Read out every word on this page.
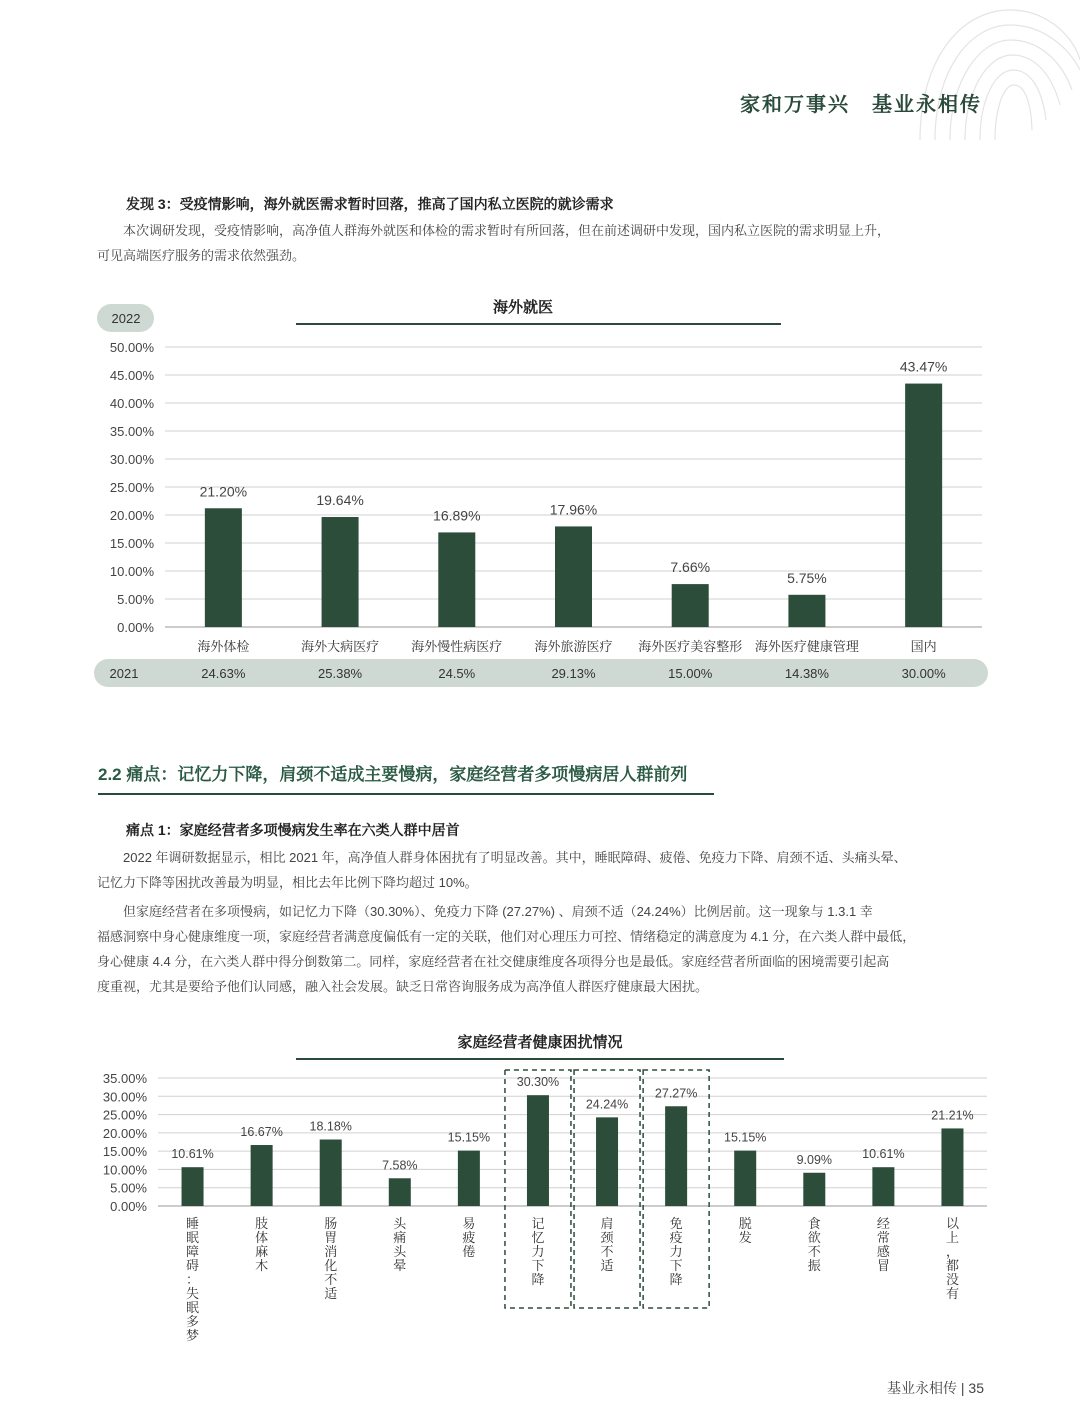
家和万事兴　基业永相传
发现 3：受疫情影响，海外就医需求暂时回落，推高了国内私立医院的就诊需求
本次调研发现，受疫情影响，高净值人群海外就医和体检的需求暂时有所回落，但在前述调研中发现，国内私立医院的需求明显上升，
可见高端医疗服务的需求依然强劲。
海外就医
2022
0.00%
5.00%
10.00%
15.00%
20.00%
25.00%
30.00%
35.00%
40.00%
45.00%
50.00%
21.20%
19.64%
16.89%	17.96%
7.66%
5.75%
43.47%
海外体检	海外大病医疗 海外慢性病医疗 海外旅游医疗 海外医疗美容整形 海外医疗健康管理	国内
2021	24.63%	25.38%	24.5%	29.13%	15.00%	14.38%	30.00%
2.2 痛点：记忆力下降，肩颈不适成主要慢病，家庭经营者多项慢病居人群前列
痛点 1：家庭经营者多项慢病发生率在六类人群中居首
2022 年调研数据显示，相比 2021 年，高净值人群身体困扰有了明显改善。其中，睡眠障碍、疲倦、免疫力下降、肩颈不适、头痛头晕、
记忆力下降等困扰改善最为明显，相比去年比例下降均超过 10%。
但家庭经营者在多项慢病，如记忆力下降（30.30%）、免疫力下降 (27.27%) 、肩颈不适（24.24%）比例居前。这一现象与 1.3.1 幸
福感洞察中身心健康维度一项，家庭经营者满意度偏低有一定的关联，他们对心理压力可控、情绪稳定的满意度为 4.1 分，在六类人群中最低，
身心健康 4.4 分，在六类人群中得分倒数第二。同样，家庭经营者在社交健康维度各项得分也是最低。家庭经营者所面临的困境需要引起高
度重视，尤其是要给予他们认同感，融入社会发展。缺乏日常咨询服务成为高净值人群医疗健康最大困扰。
家庭经营者健康困扰情况
0.00%
5.00%
10.00%
15.00%
20.00%
25.00%
30.00%
35.00%
10.61%
16.67% 18.18%
7.58%
15.15%
30.30%
24.24%
27.27%
15.15%
9.09% 10.61%
21.21%
睡眠障碍：失眠多梦
肢体麻木
肠胃消化不适
头痛头晕
易疲倦
记忆力下降
肩颈不适
免疫力下降
脱发
食欲不振
经常感冒
以上，都没有
基业永相传 | 35
